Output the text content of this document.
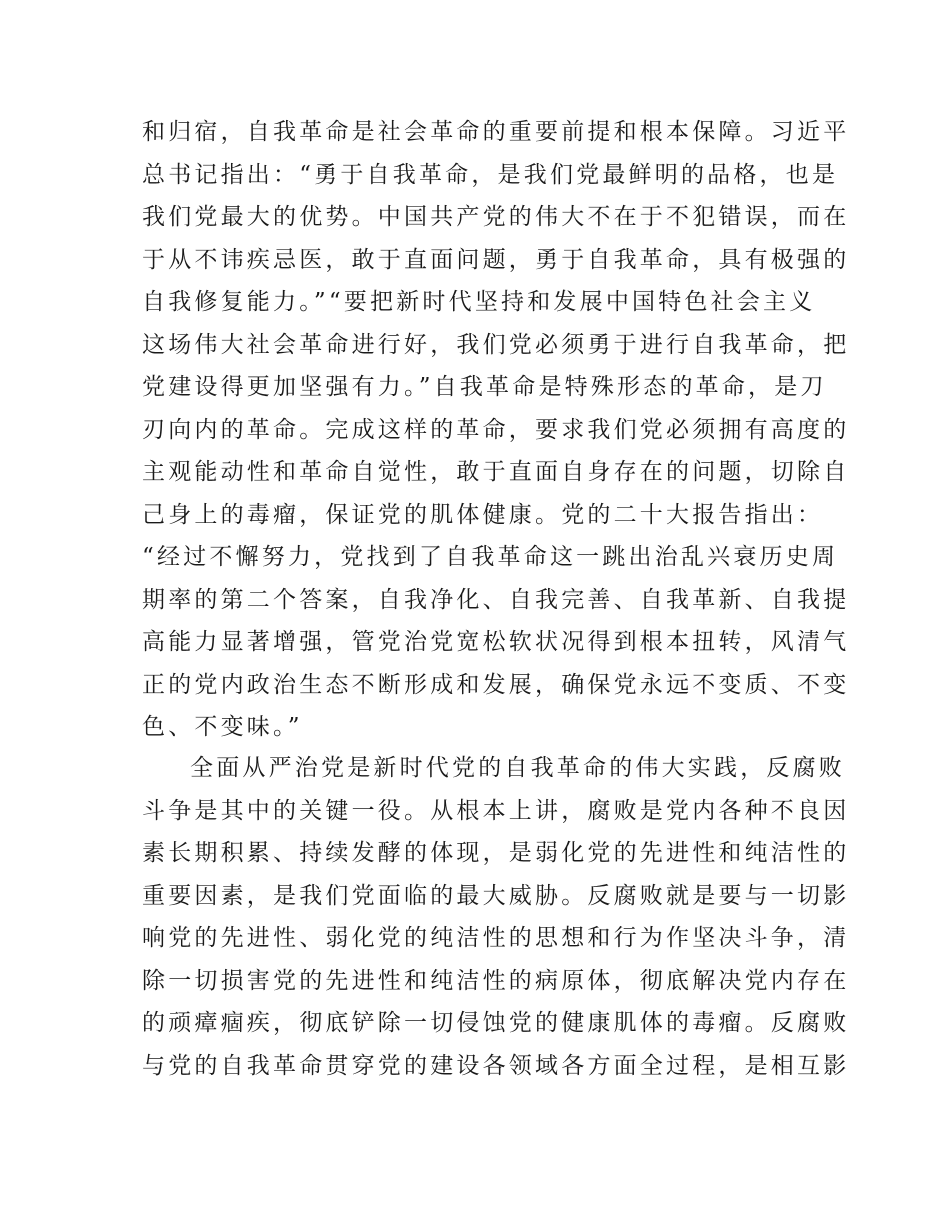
和归宿，自我革命是社会革命的重要前提和根本保障。习近平
总书记指出：“勇于自我革命，是我们党最鲜明的品格，也是
我们党最大的优势。中国共产党的伟大不在于不犯错误，而在
于从不讳疾忌医，敢于直面问题，勇于自我革命，具有极强的
自我修复能力。”“要把新时代坚持和发展中国特色社会主义
这场伟大社会革命进行好，我们党必须勇于进行自我革命，把
党建设得更加坚强有力。”自我革命是特殊形态的革命，是刀
刃向内的革命。完成这样的革命，要求我们党必须拥有高度的
主观能动性和革命自觉性，敢于直面自身存在的问题，切除自
己身上的毒瘤，保证党的肌体健康。党的二十大报告指出：
“经过不懈努力，党找到了自我革命这一跳出治乱兴衰历史周
期率的第二个答案，自我净化、自我完善、自我革新、自我提
高能力显著增强，管党治党宽松软状况得到根本扭转，风清气
正的党内政治生态不断形成和发展，确保党永远不变质、不变
色、不变味。”
全面从严治党是新时代党的自我革命的伟大实践，反腐败
斗争是其中的关键一役。从根本上讲，腐败是党内各种不良因
素长期积累、持续发酵的体现，是弱化党的先进性和纯洁性的
重要因素，是我们党面临的最大威胁。反腐败就是要与一切影
响党的先进性、弱化党的纯洁性的思想和行为作坚决斗争，清
除一切损害党的先进性和纯洁性的病原体，彻底解决党内存在
的顽瘴痼疾，彻底铲除一切侵蚀党的健康肌体的毒瘤。反腐败
与党的自我革命贯穿党的建设各领域各方面全过程，是相互影
